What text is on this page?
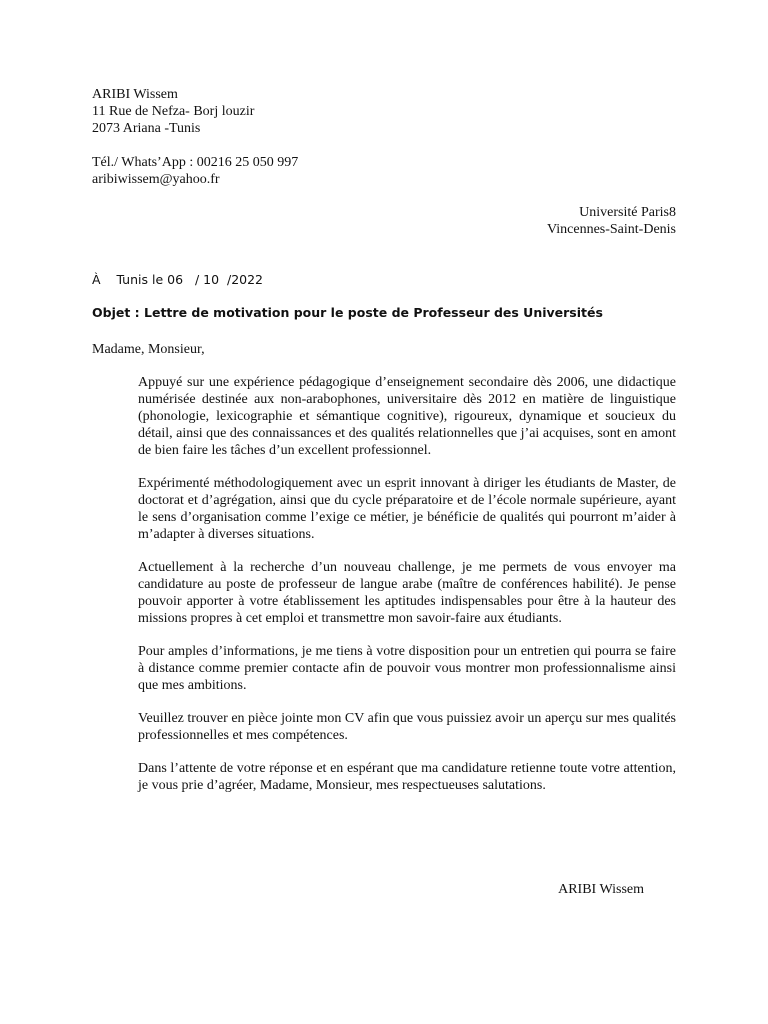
ARIBI Wissem
11 Rue de Nefza- Borj louzir
2073 Ariana -Tunis
Tél./ Whats’App : 00216 25 050 997
aribiwissem@yahoo.fr
Université Paris8
Vincennes-Saint-Denis
À    Tunis le 06   / 10  /2022
Objet : Lettre de motivation pour le poste de Professeur des Universités
Madame, Monsieur,

Appuyé sur une expérience pédagogique d’enseignement secondaire dès 2006, une didactique numérisée destinée aux non-arabophones, universitaire dès 2012 en matière de linguistique (phonologie, lexicographie et sémantique cognitive), rigoureux, dynamique et soucieux du détail, ainsi que des connaissances et des qualités relationnelles que j’ai acquises, sont en amont de bien faire les tâches d’un excellent professionnel.

Expérimenté méthodologiquement avec un esprit innovant à diriger les étudiants de Master, de doctorat et d’agrégation, ainsi que du cycle préparatoire et de l’école normale supérieure, ayant le sens d’organisation comme l’exige ce métier, je bénéficie de qualités qui pourront m’aider à m’adapter à diverses situations.

Actuellement à la recherche d’un nouveau challenge, je me permets de vous envoyer ma candidature au poste de professeur de langue arabe (maître de conférences habilité). Je pense pouvoir apporter à votre établissement les aptitudes indispensables pour être à la hauteur des missions propres à cet emploi et transmettre mon savoir-faire aux étudiants.

Pour amples d’informations, je me tiens à votre disposition pour un entretien qui pourra se faire à distance comme premier contacte afin de pouvoir vous montrer mon professionnalisme ainsi que mes ambitions.

Veuillez trouver en pièce jointe mon CV afin que vous puissiez avoir un aperçu sur mes qualités professionnelles et mes compétences.

Dans l’attente de votre réponse et en espérant que ma candidature retienne toute votre attention, je vous prie d’agréer, Madame, Monsieur, mes respectueuses salutations.

ARIBI Wissem
